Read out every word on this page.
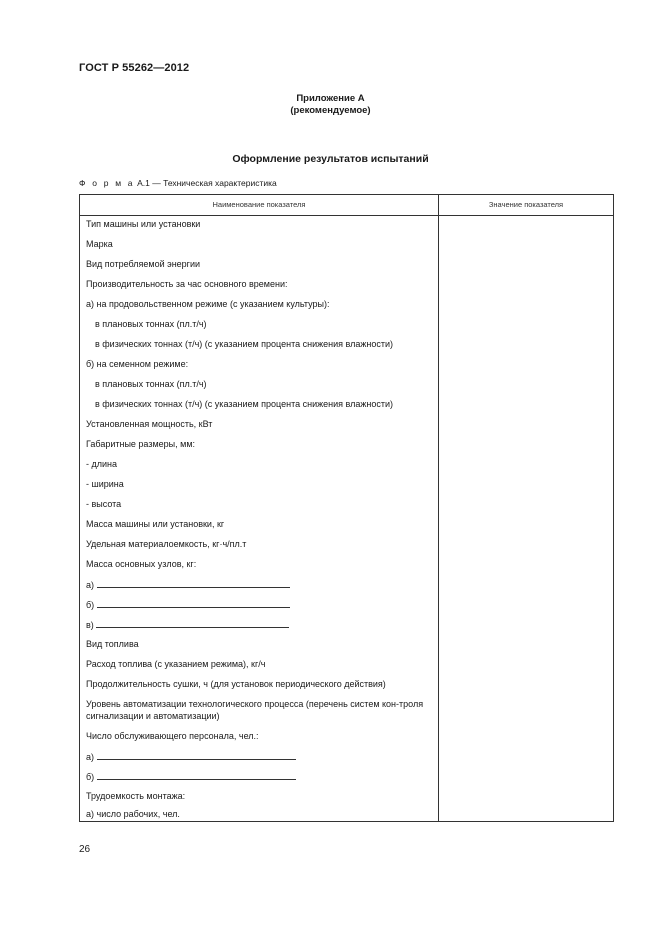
ГОСТ Р 55262—2012
Приложение А
(рекомендуемое)
Оформление результатов испытаний
Ф о р м а А.1 — Техническая характеристика
Наименование показателя	Значение показателя
Тип машины или установки
Марка
Вид потребляемой энергии
Производительность за час основного времени:
а) на продовольственном режиме (с указанием культуры):
в плановых тоннах (пл.т/ч)
в физических тоннах (т/ч) (с указанием процента снижения влажности)
б) на семенном режиме:
в плановых тоннах (пл.т/ч)
в физических тоннах (т/ч) (с указанием процента снижения влажности)
Установленная мощность, кВт
Габаритные размеры, мм:
- длина
- ширина
- высота
Масса машины или установки, кг
Удельная материалоемкость, кг·ч/пл.т
Масса основных узлов, кг:
а)
б)
в)
Вид топлива
Расход топлива (с указанием режима), кг/ч
Продолжительность сушки, ч (для установок периодического действия)
Уровень автоматизации технологического процесса (перечень систем кон-троля сигнализации и автоматизации)
Число обслуживающего персонала, чел.:
а)
б)
Трудоемкость монтажа:
а) число рабочих, чел.
26
